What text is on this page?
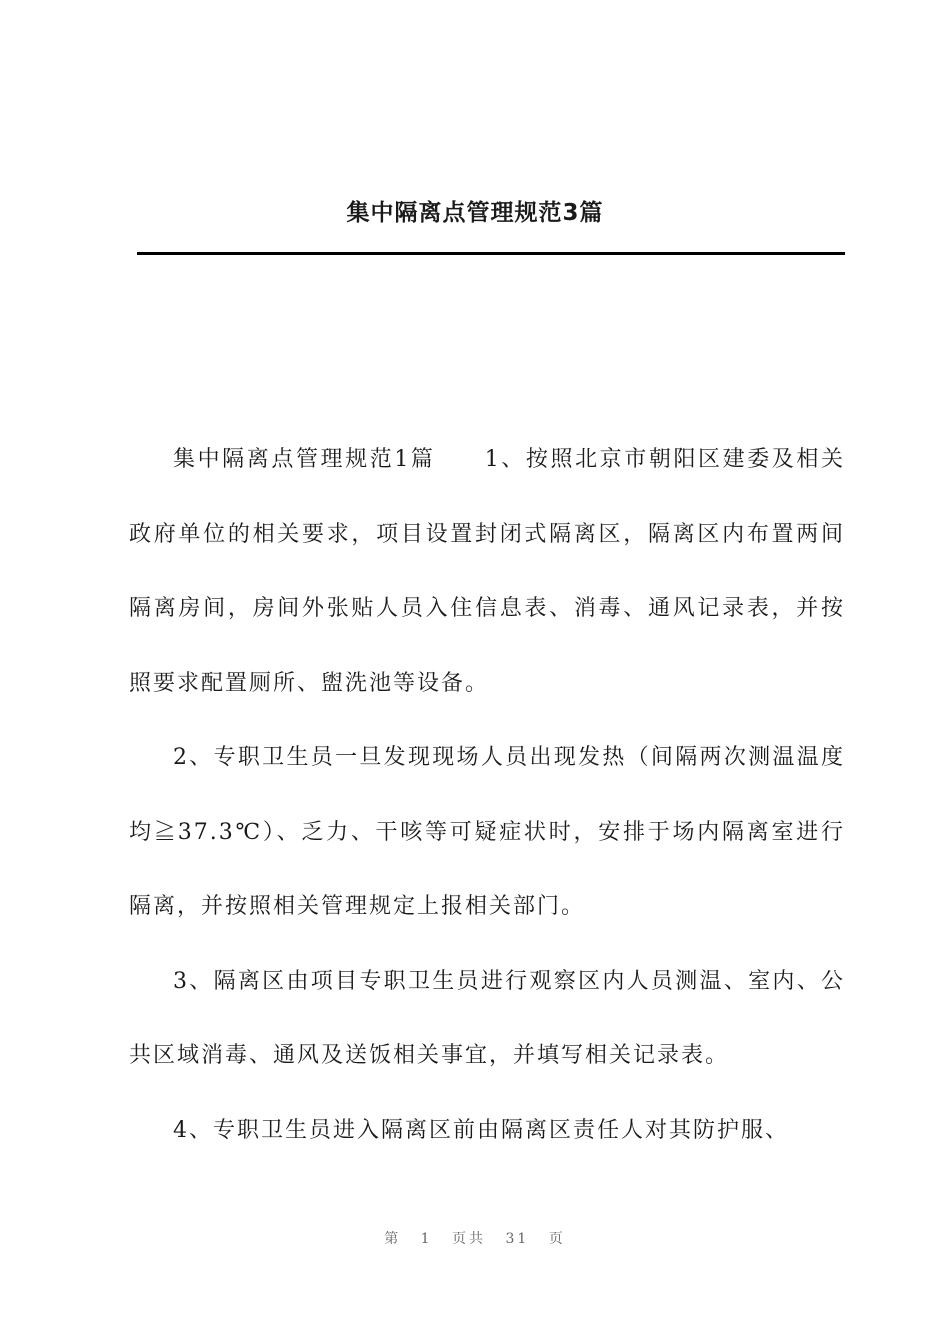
集中隔离点管理规范3篇

集中隔离点管理规范1篇　　1、按照北京市朝阳区建委及相关政府单位的相关要求，项目设置封闭式隔离区，隔离区内布置两间隔离房间，房间外张贴人员入住信息表、消毒、通风记录表，并按照要求配置厕所、盥洗池等设备。

2、专职卫生员一旦发现现场人员出现发热（间隔两次测温温度均≧37.3℃）、乏力、干咳等可疑症状时，安排于场内隔离室进行隔离，并按照相关管理规定上报相关部门。

3、隔离区由项目专职卫生员进行观察区内人员测温、室内、公共区域消毒、通风及送饭相关事宜，并填写相关记录表。

4、专职卫生员进入隔离区前由隔离区责任人对其防护服、

第 1 页共 31 页
